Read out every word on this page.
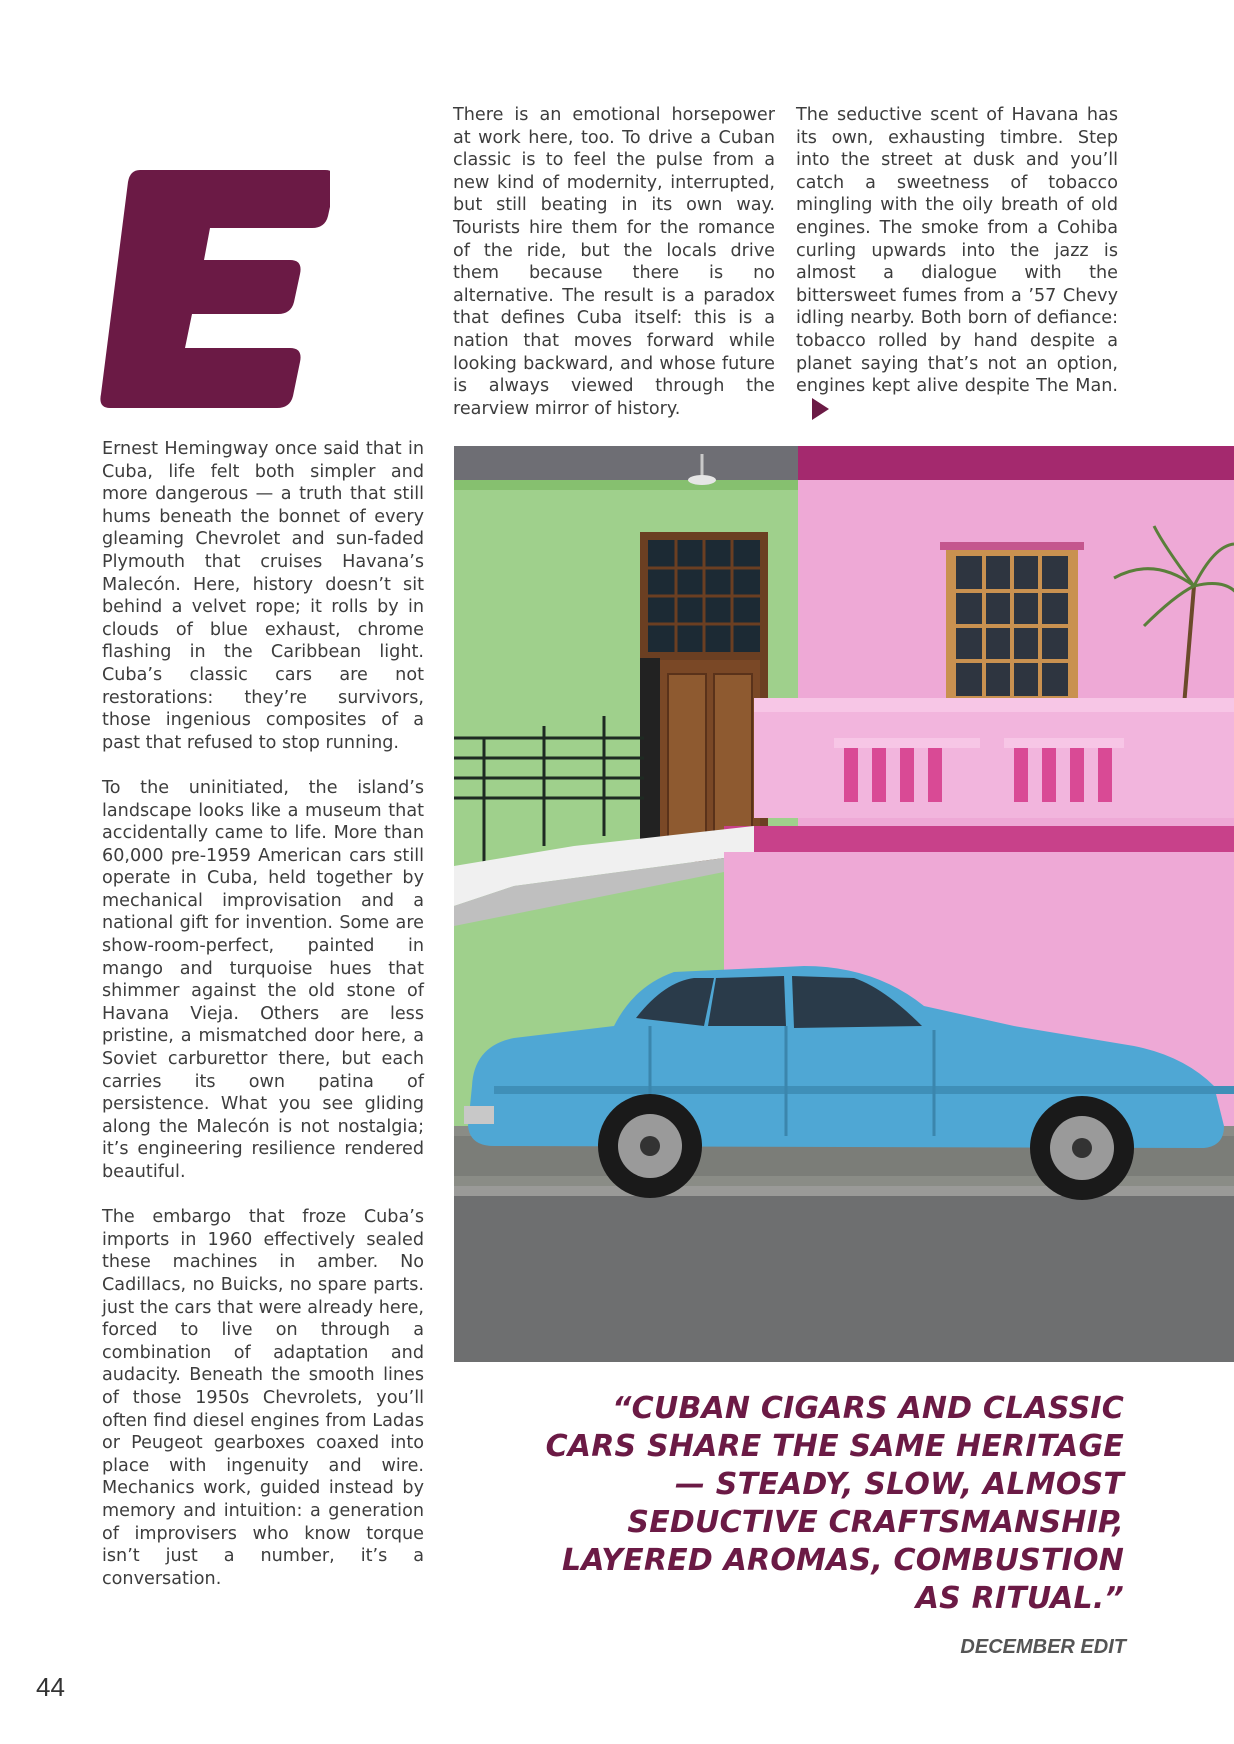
Ernest Hemingway once said that in Cuba, life felt both simpler and more dangerous — a truth that still hums beneath the bonnet of every gleaming Chevrolet and sun-faded Plymouth that cruises Havana’s Malecón. Here, history doesn’t sit behind a velvet rope; it rolls by in clouds of blue exhaust, chrome flashing in the Caribbean light. Cuba’s classic cars are not restorations: they’re survivors, those ingenious composites of a past that refused to stop running.

To the uninitiated, the island’s landscape looks like a museum that accidentally came to life. More than 60,000 pre-1959 American cars still operate in Cuba, held together by mechanical improvisation and a national gift for invention. Some are show-room-perfect, painted in mango and turquoise hues that shimmer against the old stone of Havana Vieja. Others are less pristine, a mismatched door here, a Soviet carburettor there, but each carries its own patina of persistence. What you see gliding along the Malecón is not nostalgia; it’s engineering resilience rendered beautiful.

The embargo that froze Cuba’s imports in 1960 effectively sealed these machines in amber. No Cadillacs, no Buicks, no spare parts. just the cars that were already here, forced to live on through a combination of adaptation and audacity. Beneath the smooth lines of those 1950s Chevrolets, you’ll often find diesel engines from Ladas or Peugeot gearboxes coaxed into place with ingenuity and wire. Mechanics work, guided instead by memory and intuition: a generation of improvisers who know torque isn’t just a number, it’s a conversation.

There is an emotional horsepower at work here, too. To drive a Cuban classic is to feel the pulse from a new kind of modernity, interrupted, but still beating in its own way. Tourists hire them for the romance of the ride, but the locals drive them because there is no alternative. The result is a paradox that defines Cuba itself: this is a nation that moves forward while looking backward, and whose future is always viewed through the rearview mirror of history.

The seductive scent of Havana has its own, exhausting timbre. Step into the street at dusk and you’ll catch a sweetness of tobacco mingling with the oily breath of old engines. The smoke from a Cohiba curling upwards into the jazz is almost a dialogue with the bittersweet fumes from a ’57 Chevy idling nearby. Both born of defiance: tobacco rolled by hand despite a planet saying that’s not an option, engines kept alive despite The Man.

“CUBAN CIGARS AND CLASSIC CARS SHARE THE SAME HERITAGE — STEADY, SLOW, ALMOST SEDUCTIVE CRAFTSMANSHIP, LAYERED AROMAS, COMBUSTION AS RITUAL.”
DECEMBER EDIT
44
